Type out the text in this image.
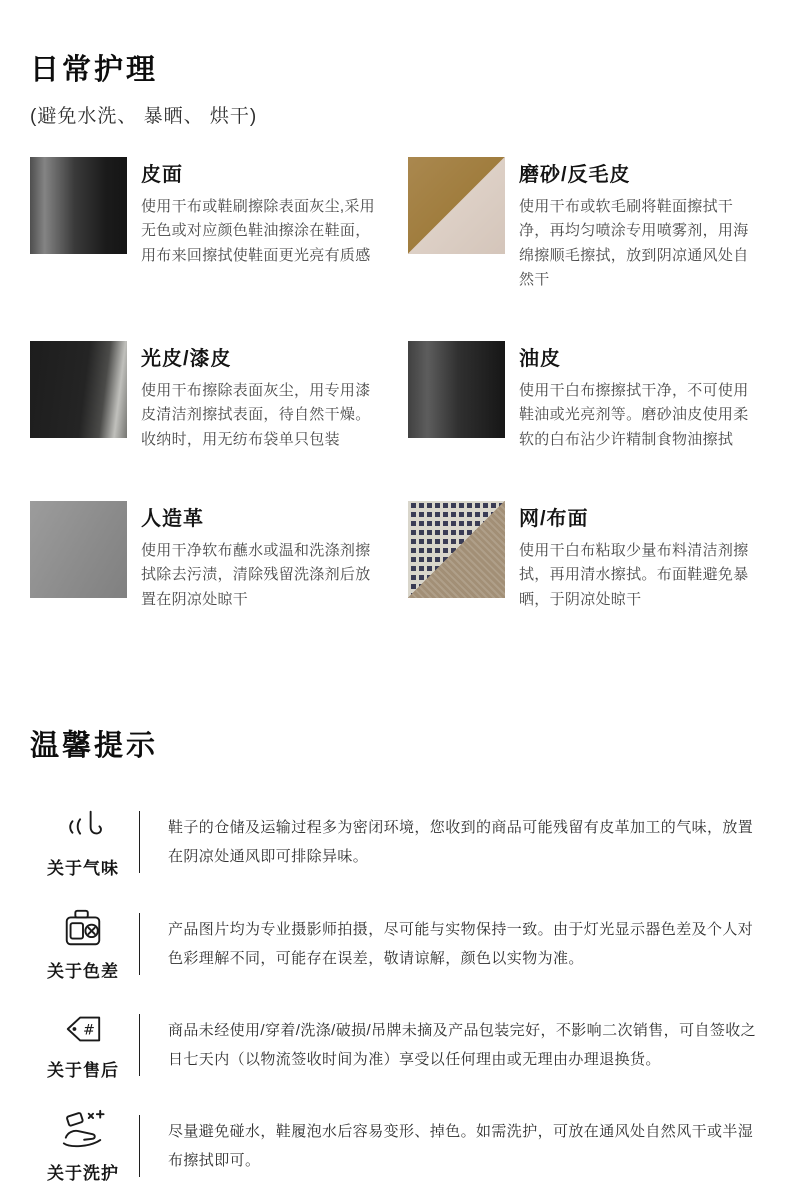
日常护理
(避免水洗、 暴晒、 烘干)
皮面
使用干布或鞋刷擦除表面灰尘,采用无色或对应颜色鞋油擦涂在鞋面，用布来回擦拭使鞋面更光亮有质感
磨砂/反毛皮
使用干布或软毛刷将鞋面擦拭干净，再均匀喷涂专用喷雾剂，用海绵擦顺毛擦拭，放到阴凉通风处自然干
光皮/漆皮
使用干布擦除表面灰尘，用专用漆皮清洁剂擦拭表面，待自然干燥。收纳时，用无纺布袋单只包装
油皮
使用干白布擦擦拭干净，不可使用鞋油或光亮剂等。磨砂油皮使用柔软的白布沾少许精制食物油擦拭
人造革
使用干净软布蘸水或温和洗涤剂擦拭除去污渍，清除残留洗涤剂后放置在阴凉处晾干
网/布面
使用干白布粘取少量布料清洁剂擦拭，再用清水擦拭。布面鞋避免暴晒，于阴凉处晾干
温馨提示
关于气味
鞋子的仓储及运输过程多为密闭环境，您收到的商品可能残留有皮革加工的气味，放置在阴凉处通风即可排除异味。
关于色差
产品图片均为专业摄影师拍摄，尽可能与实物保持一致。由于灯光显示器色差及个人对色彩理解不同，可能存在误差，敬请谅解，颜色以实物为准。
#
关于售后
商品未经使用/穿着/洗涤/破损/吊牌未摘及产品包装完好，不影响二次销售，可自签收之日七天内（以物流签收时间为准）享受以任何理由或无理由办理退换货。
关于洗护
尽量避免碰水，鞋履泡水后容易变形、掉色。如需洗护，可放在通风处自然风干或半湿布擦拭即可。
